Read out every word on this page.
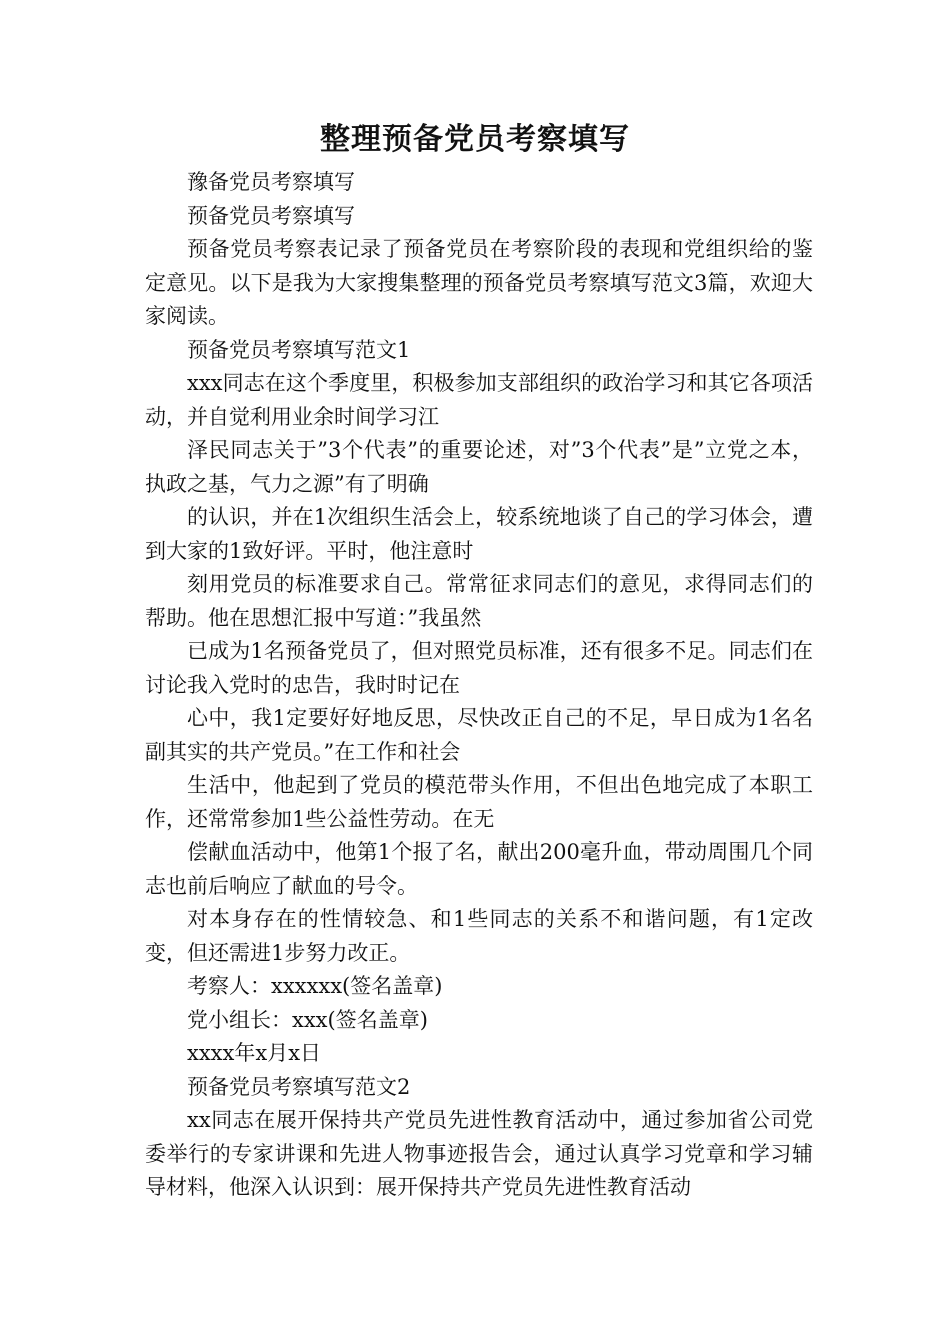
整理预备党员考察填写

豫备党员考察填写

预备党员考察填写

预备党员考察表记录了预备党员在考察阶段的表现和党组织给的鉴定意见。以下是我为大家搜集整理的预备党员考察填写范文3篇，欢迎大家阅读。

预备党员考察填写范文1

xxx同志在这个季度里，积极参加支部组织的政治学习和其它各项活动，并自觉利用业余时间学习江

泽民同志关于”3个代表”的重要论述，对”3个代表”是”立党之本，执政之基，气力之源”有了明确

的认识，并在1次组织生活会上，较系统地谈了自己的学习体会，遭到大家的1致好评。平时，他注意时

刻用党员的标准要求自己。常常征求同志们的意见，求得同志们的帮助。他在思想汇报中写道：”我虽然

已成为1名预备党员了，但对照党员标准，还有很多不足。同志们在讨论我入党时的忠告，我时时记在

心中，我1定要好好地反思，尽快改正自己的不足，早日成为1名名副其实的共产党员。”在工作和社会

生活中，他起到了党员的模范带头作用，不但出色地完成了本职工作，还常常参加1些公益性劳动。在无

偿献血活动中，他第1个报了名，献出200毫升血，带动周围几个同志也前后响应了献血的号令。

对本身存在的性情较急、和1些同志的关系不和谐问题，有1定改变，但还需进1步努力改正。

考察人：xxxxxx(签名盖章)

党小组长：xxx(签名盖章)

xxxx年x月x日

预备党员考察填写范文2

xx同志在展开保持共产党员先进性教育活动中，通过参加省公司党委举行的专家讲课和先进人物事迹报告会，通过认真学习党章和学习辅导材料，他深入认识到：展开保持共产党员先进性教育活动
